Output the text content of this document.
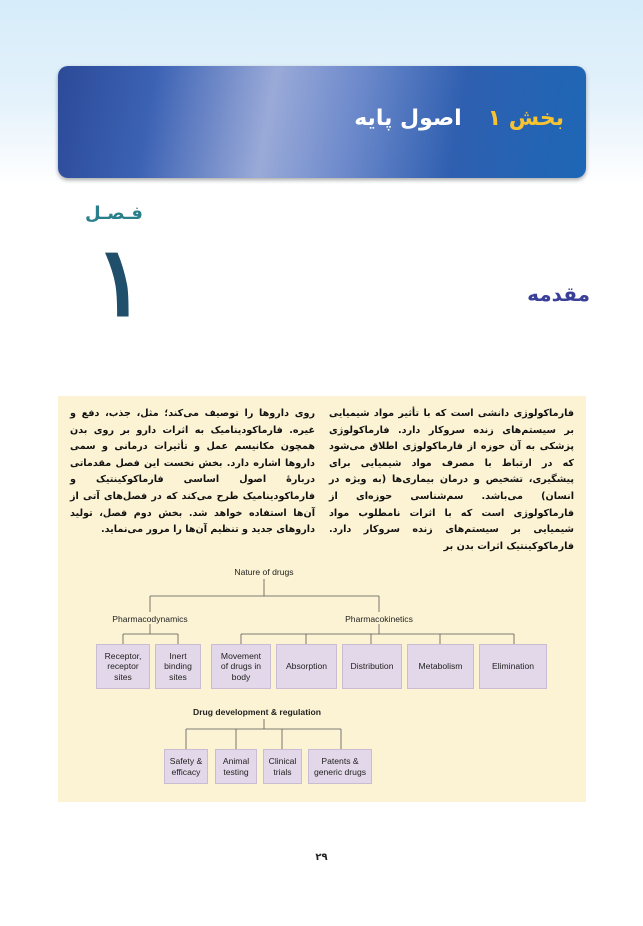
بخش ۱اصول پایه
فـصـل
۱	مقدمه
فارماکولوژی دانشی است که با تأثیر مواد شیمیایی بر سیستم‌های زنده سروکار دارد. فارماکولوژی پزشکی به آن حوزه از فارماکولوژی اطلاق می‌شود که در ارتباط با مصرف مواد شیمیایی برای پیشگیری، تشخیص و درمان بیماری‌ها (به ویژه در انسان) می‌باشد. سم‌شناسی حوزه‌ای از فارماکولوژی است که با اثرات نامطلوب مواد شیمیایی بر سیستم‌های زنده سروکار دارد. فارماکوکینتیک اثرات بدن بر
روی داروها را توصیف می‌کند؛ مثل، جذب، دفع و غیره. فارماکودینامیک به اثرات دارو بر روی بدن همچون مکانیسم عمل و تأثیرات درمانی و سمی داروها اشاره دارد. بخش نخست این فصل مقدماتی دربارهٔ اصول اساسی فارماکوکینتیک و فارماکودینامیک طرح می‌کند که در فصل‌های آتی از آن‌ها استفاده خواهد شد. بخش دوم فصل، تولید داروهای جدید و تنظیم آن‌ها را مرور می‌نماید.
Nature of drugs
Pharmacodynamics	Pharmacokinetics
Receptor,
receptor
sites
Inert
binding
sites
Movement
of drugs in
body
Absorption	Distribution	Metabolism	Elimination
Drug development & regulation
Safety &
efficacy
Animal
testing
Clinical
trials
Patents &
generic drugs
۲۹
